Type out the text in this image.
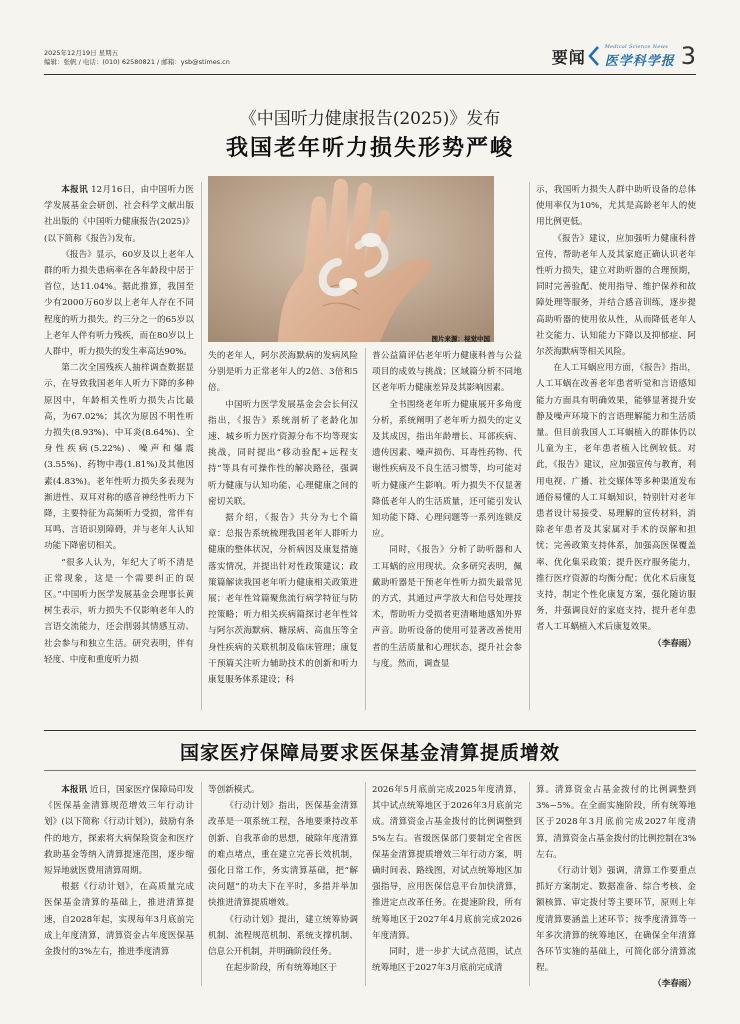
2025年12月19日 星期五
编辑：张帆 / 电话：(010) 62580821 / 邮箱：ysb@stimes.cn	要闻
Medical Science News
医学科学报 3
《中国听力健康报告(2025)》发布
我国老年听力损失形势严峻
图片来源：视觉中国

本报讯 12月16日，由中国听力医学发展基金会研创、社会科学文献出版社出版的《中国听力健康报告(2025)》(以下简称《报告》)发布。

《报告》显示，60岁及以上老年人群的听力损失患病率在各年龄段中居于首位，达11.04%。据此推算，我国至少有2000万60岁以上老年人存在不同程度的听力损失。约三分之一的65岁以上老年人伴有听力残疾，而在80岁以上人群中，听力损失的发生率高达90%。

第二次全国残疾人抽样调查数据显示，在导致我国老年人听力下降的多种原因中，年龄相关性听力损失占比最高，为67.02%；其次为原因不明性听力损失(8.93%)、中耳炎(8.64%)、全身性疾病(5.22%)、噪声和爆震(3.55%)、药物中毒(1.81%)及其他因素(4.83%)。老年性听力损失多表现为渐进性、双耳对称的感音神经性听力下降，主要特征为高频听力受损，常伴有耳鸣、言语识别障碍，并与老年人认知功能下降密切相关。

“很多人认为，年纪大了听不清是正常现象，这是一个需要纠正的误区。”中国听力医学发展基金会理事长黄树生表示，听力损失不仅影响老年人的言语交流能力，还会削弱其情感互动、社会参与和独立生活。研究表明，伴有轻度、中度和重度听力损

失的老年人，阿尔茨海默病的发病风险分别是听力正常老年人的2倍、3倍和5倍。

中国听力医学发展基金会会长何汉指出，《报告》系统剖析了老龄化加速、城乡听力医疗资源分布不均等现实挑战，同时提出“移动验配+远程支持”等具有可操作性的解决路径，强调听力健康与认知功能、心理健康之间的密切关联。

据介绍，《报告》共分为七个篇章：总报告系统梳理我国老年人群听力健康的整体状况，分析病因及康复措施落实情况，并提出针对性政策建议；政策篇解读我国老年听力健康相关政策进展；老年性耸篇聚焦流行病学特征与防控策略；听力相关疾病篇探讨老年性耸与阿尔茨海默病、糖尿病、高血压等全身性疾病的关联机制及临床管理；康复干预篇关注听力辅助技术的创新和听力康复服务体系建设；科

普公益篇评估老年听力健康科普与公益项目的成效与挑战；区域篇分析不同地区老年听力健康差异及其影响因素。

全书围绕老年听力健康展开多角度分析，系统阐明了老年听力损失的定义及其成因，指出年龄增长、耳部疾病、遗传因素、噪声损伤、耳毒性药物、代谢性疾病及不良生活习惯等，均可能对听力健康产生影响。听力损失不仅显著降低老年人的生活质量，还可能引发认知功能下降、心理问题等一系列连锁反应。

同时，《报告》分析了助听器和人工耳蜗的应用现状。众多研究表明，佩戴助听器是干预老年性听力损失最常见的方式，其通过声学放大和信号处理技术，帮助听力受损者更清晰地感知外界声音。助听设备的使用可显著改善使用者的生活质量和心理状态，提升社会参与度。然而，调查显

示，我国听力损失人群中助听设备的总体使用率仅为10%，尤其是高龄老年人的使用比例更低。

《报告》建议，应加强听力健康科普宣传，帮助老年人及其家庭正确认识老年性听力损失，建立对助听器的合理预期，同时完善验配、使用指导、维护保养和故障处理等服务，并结合感音训练，逐步提高助听器的使用依从性，从而降低老年人社交能力、认知能力下降以及抑郁症、阿尔茨海默病等相关风险。

在人工耳蜗应用方面，《报告》指出，人工耳蜗在改善老年患者听觉和言语感知能力方面具有明确效果，能够显著提升安静及噪声环境下的言语理解能力和生活质量。但目前我国人工耳蜗植入的群体仍以儿童为主，老年患者植入比例较低。对此，《报告》建议，应加强宣传与教育，利用电视、广播、社交媒体等多种渠道发布通俗易懂的人工耳蜗知识，特别针对老年患者设计易接受、易理解的宣传材料，消除老年患者及其家属对手术的误解和担忧；完善政策支持体系，加强高医保覆盖率、优化集采政策；提升医疗服务能力，推行医疗资源的均衡分配；优化术后康复支持，制定个性化康复方案，强化随访服务，并强调良好的家庭支持，提升老年患者人工耳蜗植入术后康复效果。

（李春雨）

国家医疗保障局要求医保基金清算提质增效

本报讯 近日，国家医疗保障局印发《医保基金清算规范增效三年行动计划》(以下简称《行动计划》)，鼓励有条件的地方，探索将大病保险资金和医疗救助基金等纳入清算提速范围，逐步缩短异地就医费用清算周期。

根据《行动计划》，在高质量完成医保基金清算的基础上，推进清算提速，自2028年起，实现每年3月底前完成上年度清算，清算资金占年度医保基金拨付的3%左右，推进季度清算

等创新模式。

《行动计划》指出，医保基金清算改革是一项系统工程，各地要秉持改革创新、自我革命的思想，破除年度清算的难点堵点，重在建立完善长效机制，强化日常工作，务实清算基础，把“解决问题”的功夫下在平时，多措并举加快推进清算提质增效。

《行动计划》提出，建立统筹协调机制、流程规范机制、系统支撑机制、信息公开机制，并明确阶段任务。

在起步阶段，所有统筹地区于

2026年5月底前完成2025年度清算，其中试点统筹地区于2026年3月底前完成。清算资金占基金拨付的比例调整到5%左右。省级医保部门要制定全省医保基金清算提质增效三年行动方案，明确时间表、路线图，对试点统筹地区加强指导，应用医保信息平台加快清算，推进定点改革任务。在提速阶段，所有统筹地区于2027年4月底前完成2026年度清算。

同时，进一步扩大试点范围，试点统筹地区于2027年3月底前完成清

算。清算资金占基金拨付的比例调整到3%~5%。在全面实施阶段，所有统筹地区于2028年3月底前完成2027年度清算，清算资金占基金拨付的比例控制在3%左右。

《行动计划》强调，清算工作要重点抓好方案制定、数据准备、综合考核、金额核算、审定拨付等主要环节，原则上年度清算要涵盖上述环节；按季度清算等一年多次清算的统筹地区，在确保全年清算各环节实施的基础上，可简化部分清算流程。

（李春雨）
